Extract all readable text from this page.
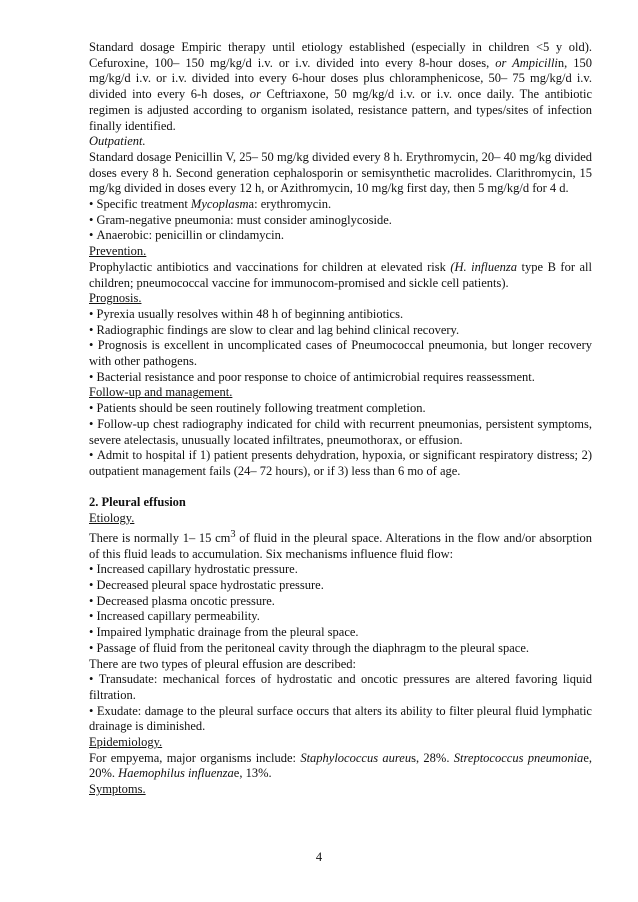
Standard dosage Empiric therapy until etiology established (especially in children <5 y old). Cefuroxine, 100– 150 mg/kg/d i.v. or i.v. divided into every 8-hour doses, or Ampicillin, 150 mg/kg/d i.v. or i.v. divided into every 6-hour doses plus chloramphenicose, 50– 75 mg/kg/d i.v. divided into every 6-h doses, or Ceftriaxone, 50 mg/kg/d i.v. or i.v. once daily. The antibiotic regimen is adjusted according to organism isolated, resistance pattern, and types/sites of infection finally identified.

Outpatient.

Standard dosage Penicillin V, 25– 50 mg/kg divided every 8 h. Erythromycin, 20– 40 mg/kg divided doses every 8 h. Second generation cephalosporin or semisynthetic macrolides. Clarithromycin, 15 mg/kg divided in doses every 12 h, or Azithromycin, 10 mg/kg first day, then 5 mg/kg/d for 4 d.

• Specific treatment Mycoplasma: erythromycin.

• Gram-negative pneumonia: must consider aminoglycoside.

• Anaerobic: penicillin or clindamycin.

Prevention.

Prophylactic antibiotics and vaccinations for children at elevated risk (H. influenza type B for all children; pneumococcal vaccine for immunocom-promised and sickle cell patients).

Prognosis.

• Pyrexia usually resolves within 48 h of beginning antibiotics.

• Radiographic findings are slow to clear and lag behind clinical recovery.

• Prognosis is excellent in uncomplicated cases of Pneumococcal pneumonia, but longer recovery with other pathogens.

• Bacterial resistance and poor response to choice of antimicrobial requires reassessment.

Follow-up and management.

• Patients should be seen routinely following treatment completion.

• Follow-up chest radiography indicated for child with recurrent pneumonias, persistent symptoms, severe atelectasis, unusually located infiltrates, pneumothorax, or effusion.

• Admit to hospital if 1) patient presents dehydration, hypoxia, or significant respiratory distress; 2) outpatient management fails (24– 72 hours), or if 3) less than 6 mo of age.

2. Pleural effusion

Etiology.

There is normally 1– 15 $cm^3$ of fluid in the pleural space. Alterations in the flow and/or absorption of this fluid leads to accumulation. Six mechanisms influence fluid flow:

• Increased capillary hydrostatic pressure.

• Decreased pleural space hydrostatic pressure.

• Decreased plasma oncotic pressure.

• Increased capillary permeability.

• Impaired lymphatic drainage from the pleural space.

• Passage of fluid from the peritoneal cavity through the diaphragm to the pleural space.

There are two types of pleural effusion are described:

• Transudate: mechanical forces of hydrostatic and oncotic pressures are altered favoring liquid filtration.

• Exudate: damage to the pleural surface occurs that alters its ability to filter pleural fluid lymphatic drainage is diminished.

Epidemiology.

For empyema, major organisms include: Staphylococcus aureus, 28%. Streptococcus pneumoniae, 20%. Haemophilus influenzae, 13%.

Symptoms.

4
